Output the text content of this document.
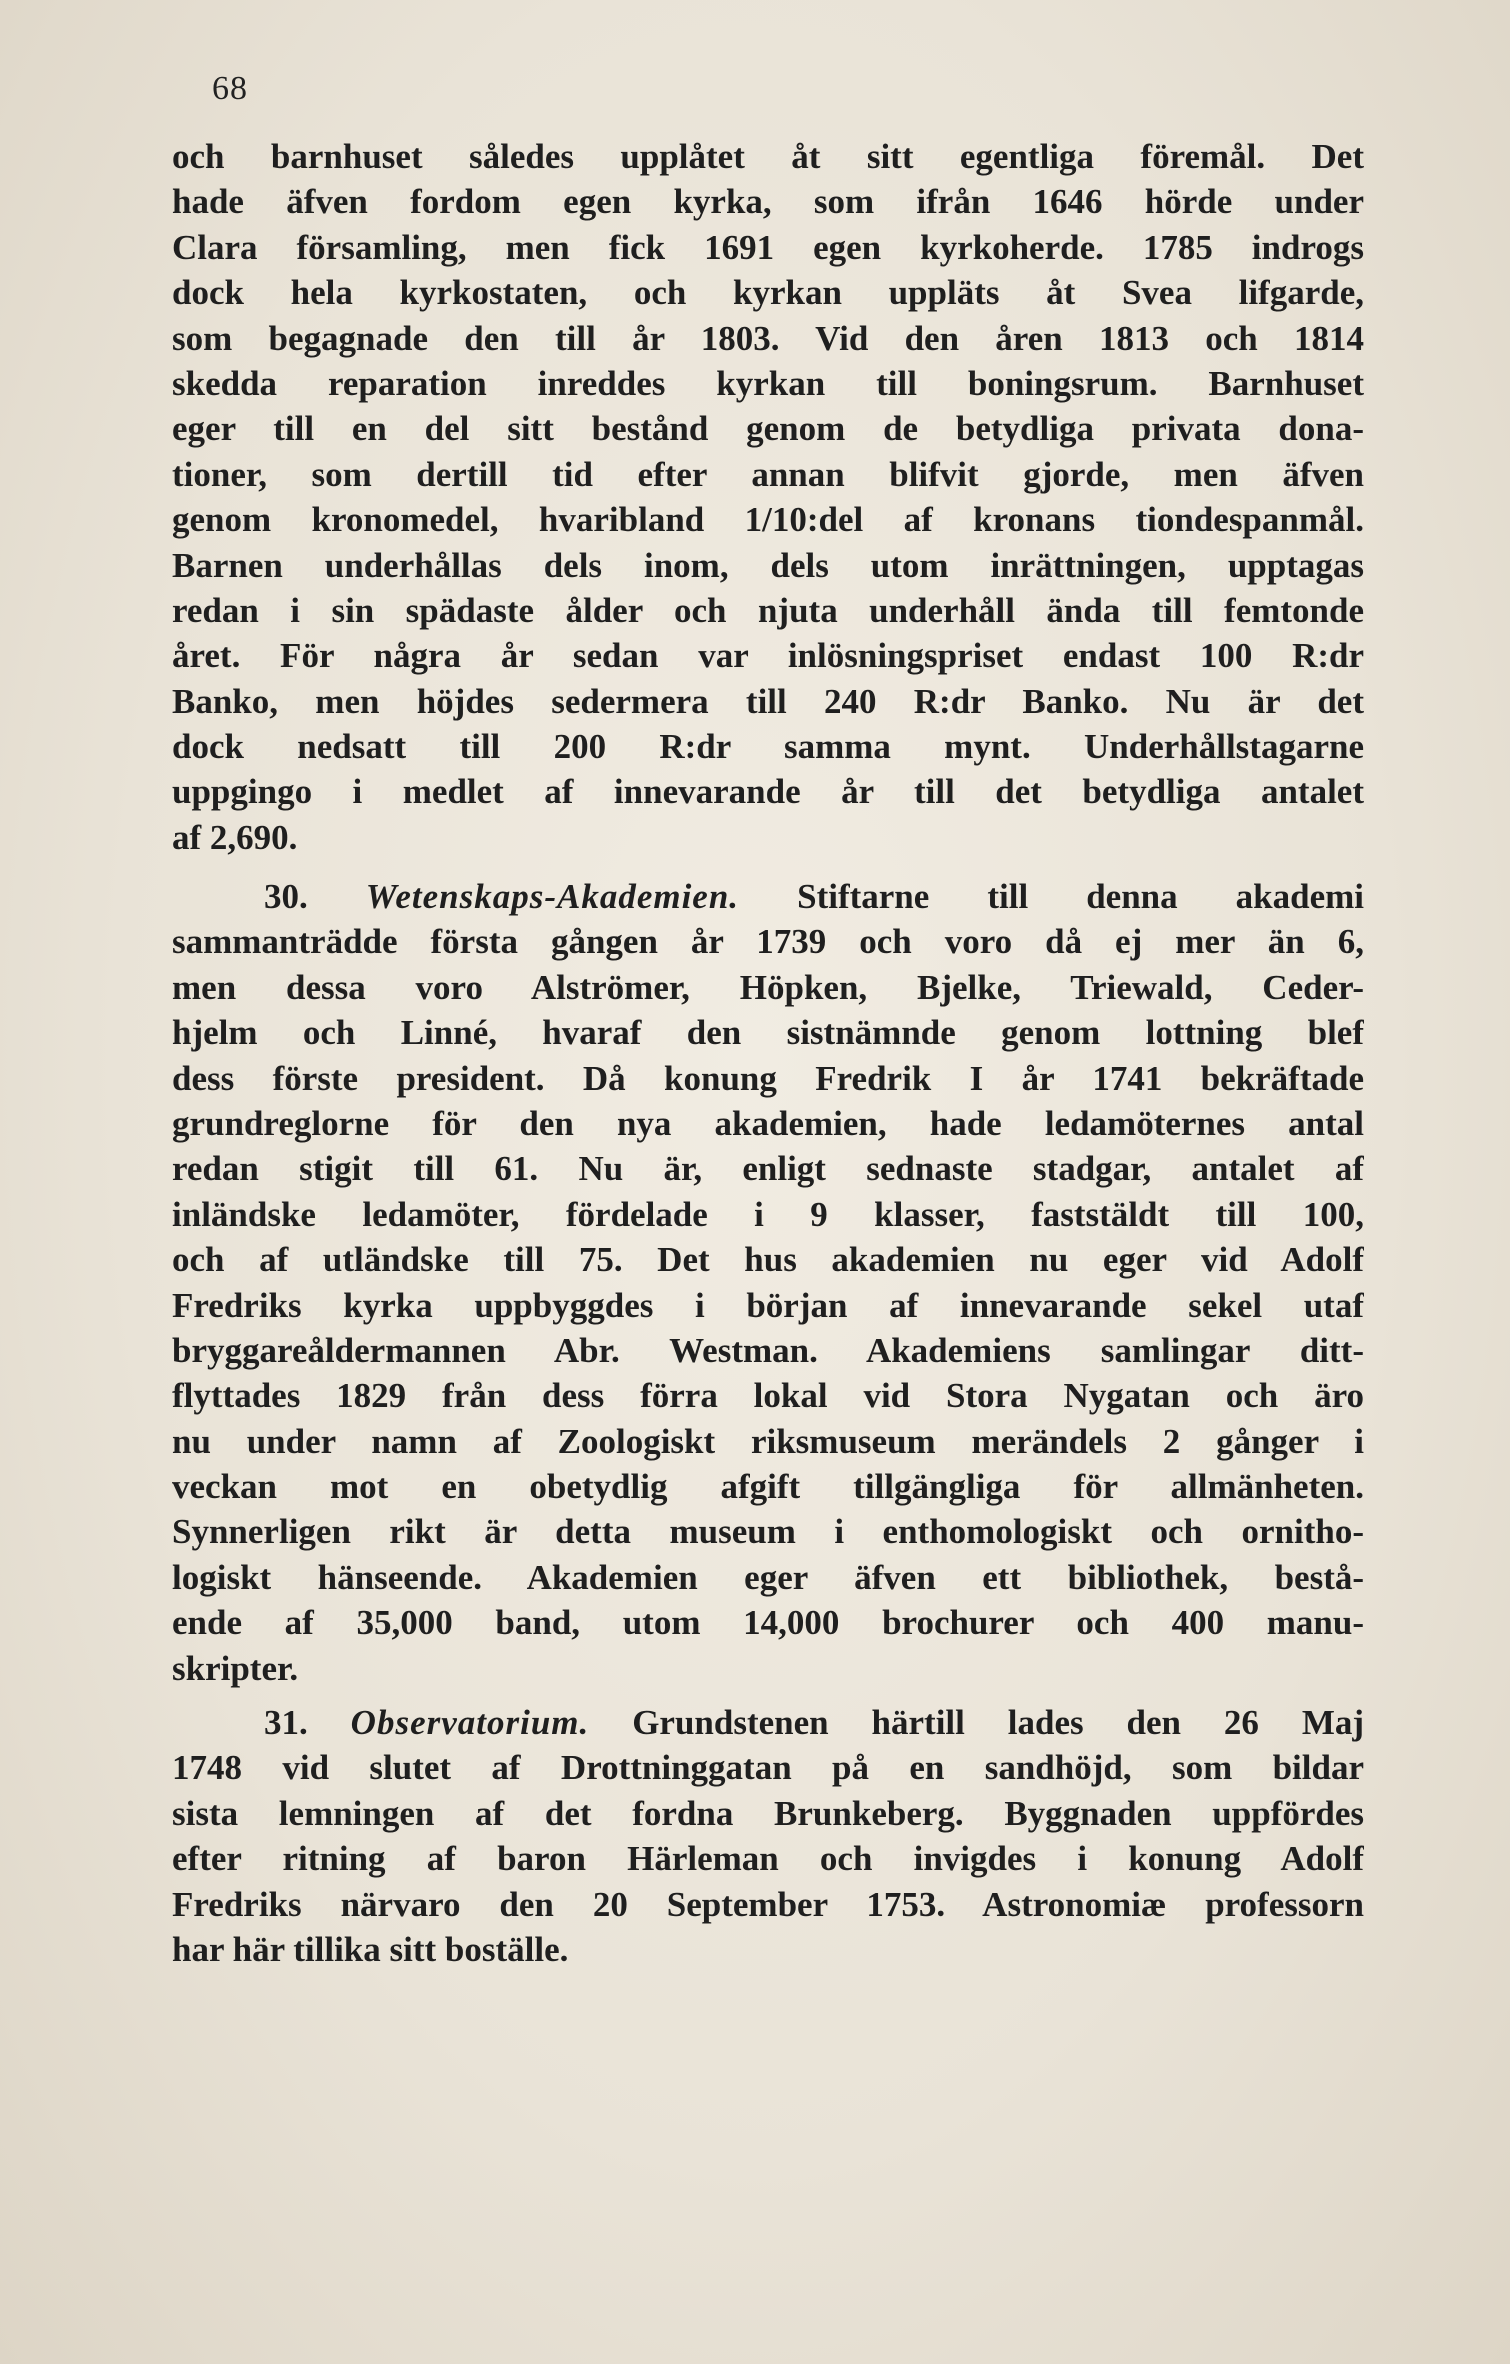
68
och barnhuset således upplåtet åt sitt egentliga föremål. Det
hade äfven fordom egen kyrka, som ifrån 1646 hörde under
Clara församling, men fick 1691 egen kyrkoherde. 1785 indrogs
dock hela kyrkostaten, och kyrkan uppläts åt Svea lifgarde,
som begagnade den till år 1803. Vid den åren 1813 och 1814
skedda reparation inreddes kyrkan till boningsrum. Barnhuset
eger till en del sitt bestånd genom de betydliga privata dona-
tioner, som dertill tid efter annan blifvit gjorde, men äfven
genom kronomedel, hvaribland 1/10:del af kronans tiondespanmål.
Barnen underhållas dels inom, dels utom inrättningen, upptagas
redan i sin spädaste ålder och njuta underhåll ända till femtonde
året. För några år sedan var inlösningspriset endast 100 R:dr
Banko, men höjdes sedermera till 240 R:dr Banko. Nu är det
dock nedsatt till 200 R:dr samma mynt. Underhållstagarne
uppgingo i medlet af innevarande år till det betydliga antalet
af 2,690.
30. Wetenskaps-Akademien. Stiftarne till denna akademi
sammanträdde första gången år 1739 och voro då ej mer än 6,
men dessa voro Alströmer, Höpken, Bjelke, Triewald, Ceder-
hjelm och Linné, hvaraf den sistnämnde genom lottning blef
dess förste president. Då konung Fredrik I år 1741 bekräftade
grundreglorne för den nya akademien, hade ledamöternes antal
redan stigit till 61. Nu är, enligt sednaste stadgar, antalet af
inländske ledamöter, fördelade i 9 klasser, faststäldt till 100,
och af utländske till 75. Det hus akademien nu eger vid Adolf
Fredriks kyrka uppbyggdes i början af innevarande sekel utaf
bryggareåldermannen Abr. Westman. Akademiens samlingar ditt-
flyttades 1829 från dess förra lokal vid Stora Nygatan och äro
nu under namn af Zoologiskt riksmuseum merändels 2 gånger i
veckan mot en obetydlig afgift tillgängliga för allmänheten.
Synnerligen rikt är detta museum i enthomologiskt och ornitho-
logiskt hänseende. Akademien eger äfven ett bibliothek, bestå-
ende af 35,000 band, utom 14,000 brochurer och 400 manu-
skripter.
31. Observatorium. Grundstenen härtill lades den 26 Maj
1748 vid slutet af Drottninggatan på en sandhöjd, som bildar
sista lemningen af det fordna Brunkeberg. Byggnaden uppfördes
efter ritning af baron Härleman och invigdes i konung Adolf
Fredriks närvaro den 20 September 1753. Astronomiæ professorn
har här tillika sitt boställe.
